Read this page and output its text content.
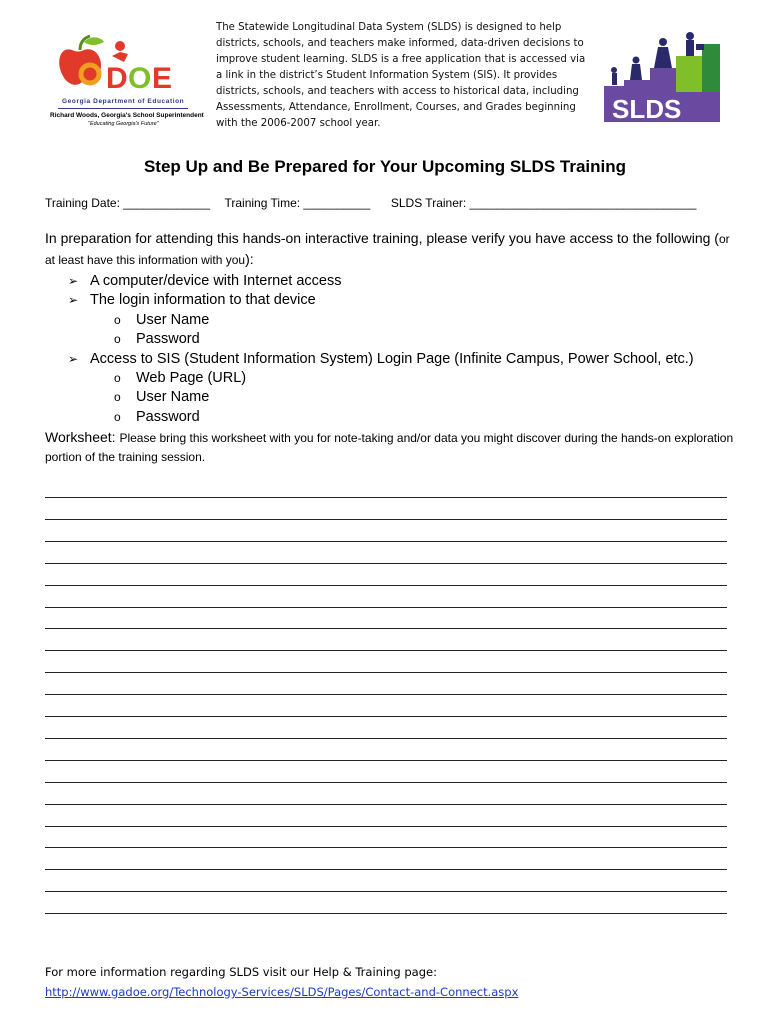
D O E
Georgia Department of Education
Richard Woods, Georgia's School Superintendent
"Educating Georgia's Future"
The Statewide Longitudinal Data System (SLDS) is designed to help districts, schools, and teachers make informed, data-driven decisions to improve student learning. SLDS is a free application that is accessed via a link in the district’s Student Information System (SIS). It provides districts, schools, and teachers with access to historical data, including Assessments, Attendance, Enrollment, Courses, and Grades beginning with the 2006-2007 school year.	SLDS
Step Up and Be Prepared for Your Upcoming SLDS Training
Training Date: _____________ Training Time: __________ SLDS Trainer: __________________________________
In preparation for attending this hands-on interactive training, please verify you have access to the following (or at least have this information with you):
➢ A computer/device with Internet access
➢ The login information to that device
o User Name
o Password
➢ Access to SIS (Student Information System) Login Page (Infinite Campus, Power School, etc.)
o Web Page (URL)
o User Name
o Password
Worksheet: Please bring this worksheet with you for note-taking and/or data you might discover during the hands-on exploration portion of the training session.
For more information regarding SLDS visit our Help & Training page:
http://www.gadoe.org/Technology-Services/SLDS/Pages/Contact-and-Connect.aspx
